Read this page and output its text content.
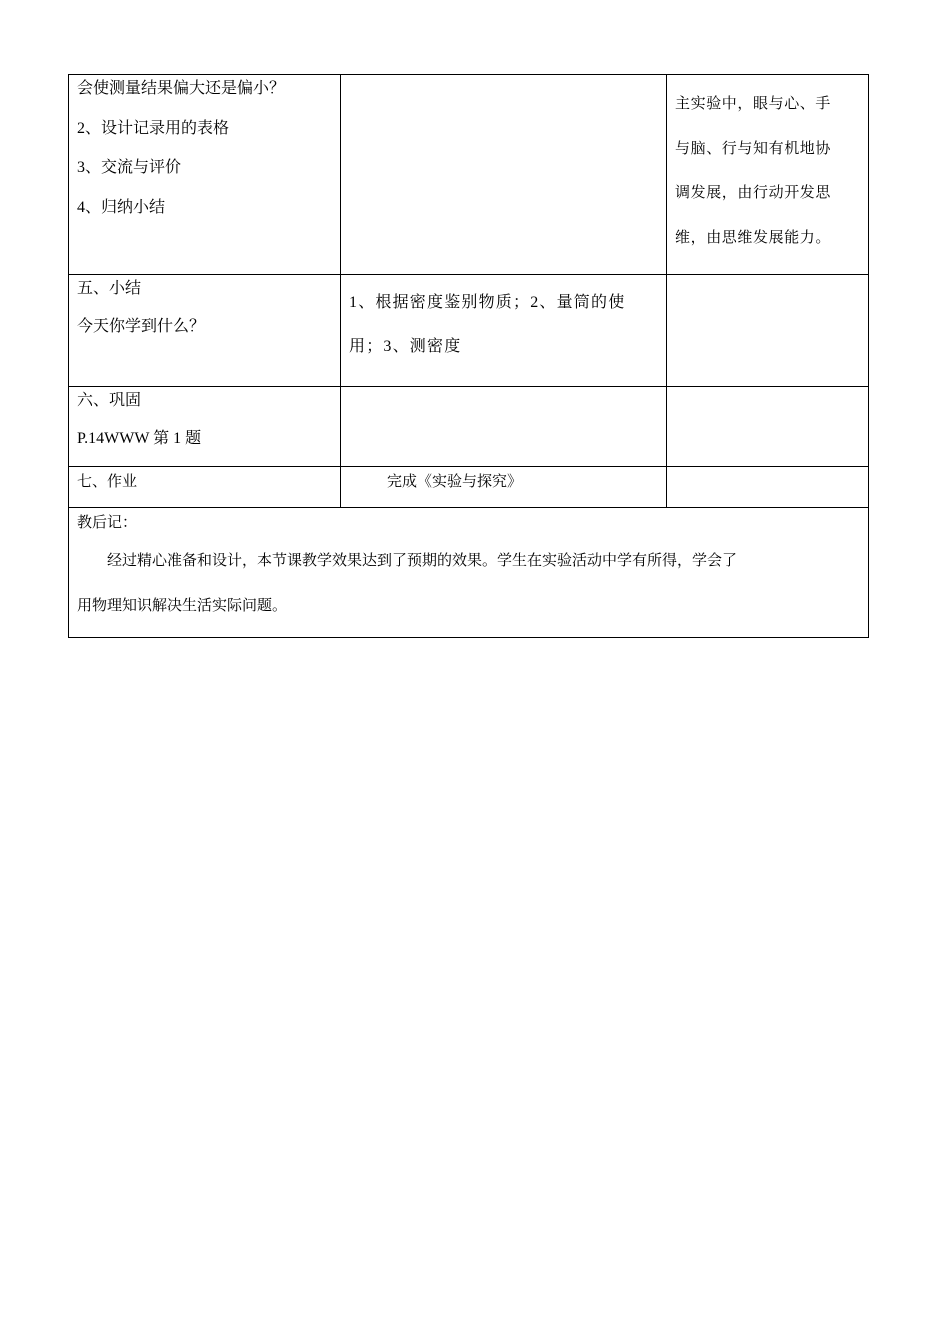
会使测量结果偏大还是偏小？
2、设计记录用的表格
3、交流与评价
4、归纳小结		主实验中，眼与心、手
与脑、行与知有机地协
调发展，由行动开发思
维，由思维发展能力。

五、小结
今天你学到什么？	1、根据密度鉴别物质；2、量筒的使
用；3、测密度	

六、巩固
P.14WWW 第 1 题		

七、作业	完成《实验与探究》	

教后记：
经过精心准备和设计，本节课教学效果达到了预期的效果。学生在实验活动中学有所得，学会了
用物理知识解决生活实际问题。		
